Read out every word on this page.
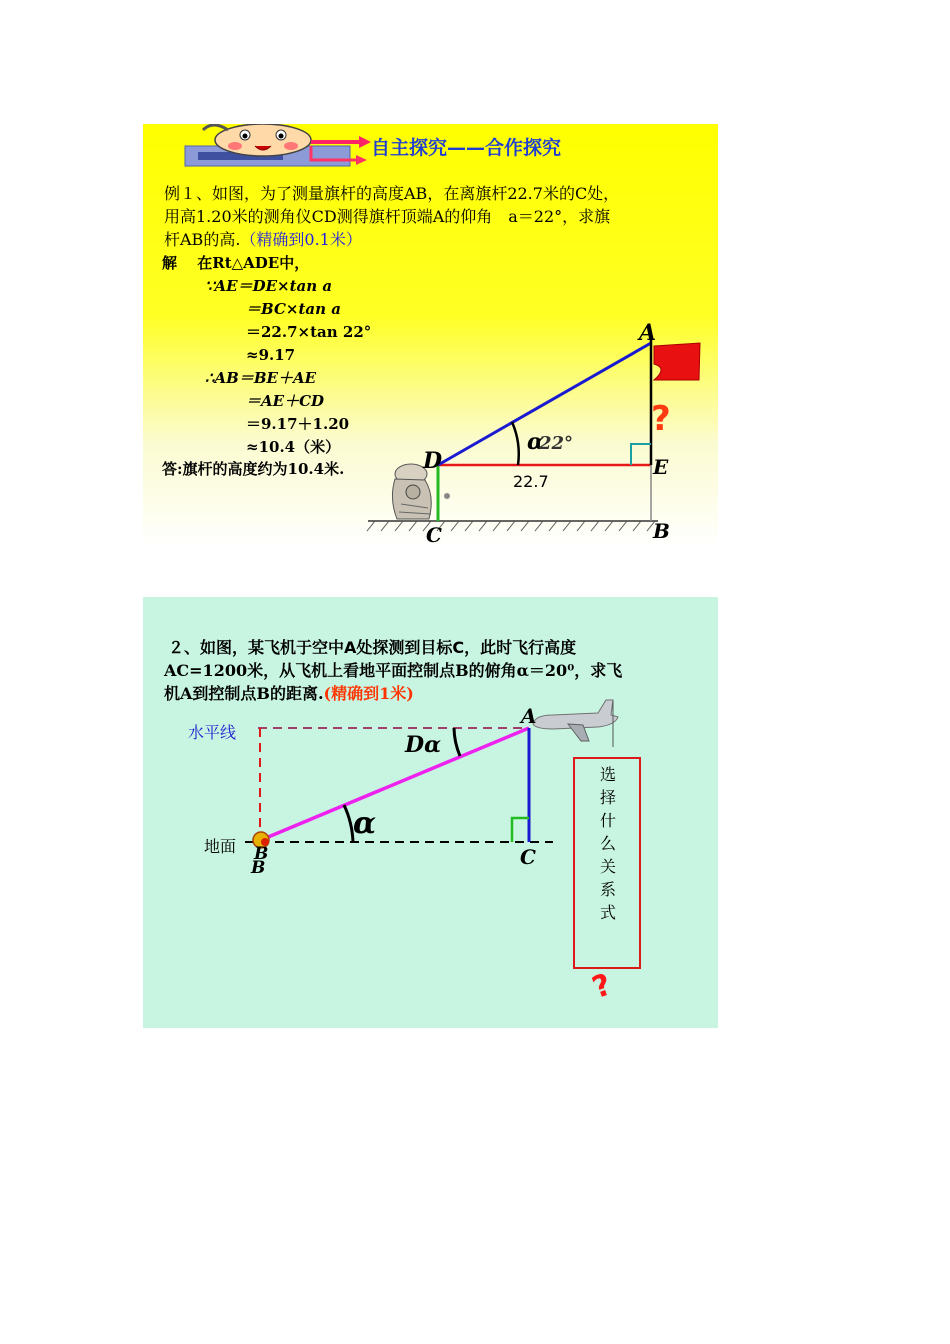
自主探究——合作探究
例１、如图，为了测量旗杆的高度AB，在离旗杆22.7米的C处，
用高1.20米的测角仪CD测得旗杆顶端A的仰角　a＝22°，求旗
杆AB的高.（精确到0.1米）
解　 在Rt△ADE中，
∵AE＝DE×tan a
＝BC×tan a
＝22.7×tan 22°
≈9.17
∴AB＝BE＋AE
＝AE＋CD
＝9.17＋1.20
≈10.4（米）
答:旗杆的高度约为10.4米.
α
22°
A
D	E
C	B
22.7
?
２、如图，某飞机于空中A处探测到目标C，此时飞行高度
AC=1200米，从飞机上看地平面控制点B的俯角α＝20⁰，求飞
机A到控制点B的距离.(精确到1米)
A
C
B
B
Dα
α
?
水平线
地面
选择什么关系式
